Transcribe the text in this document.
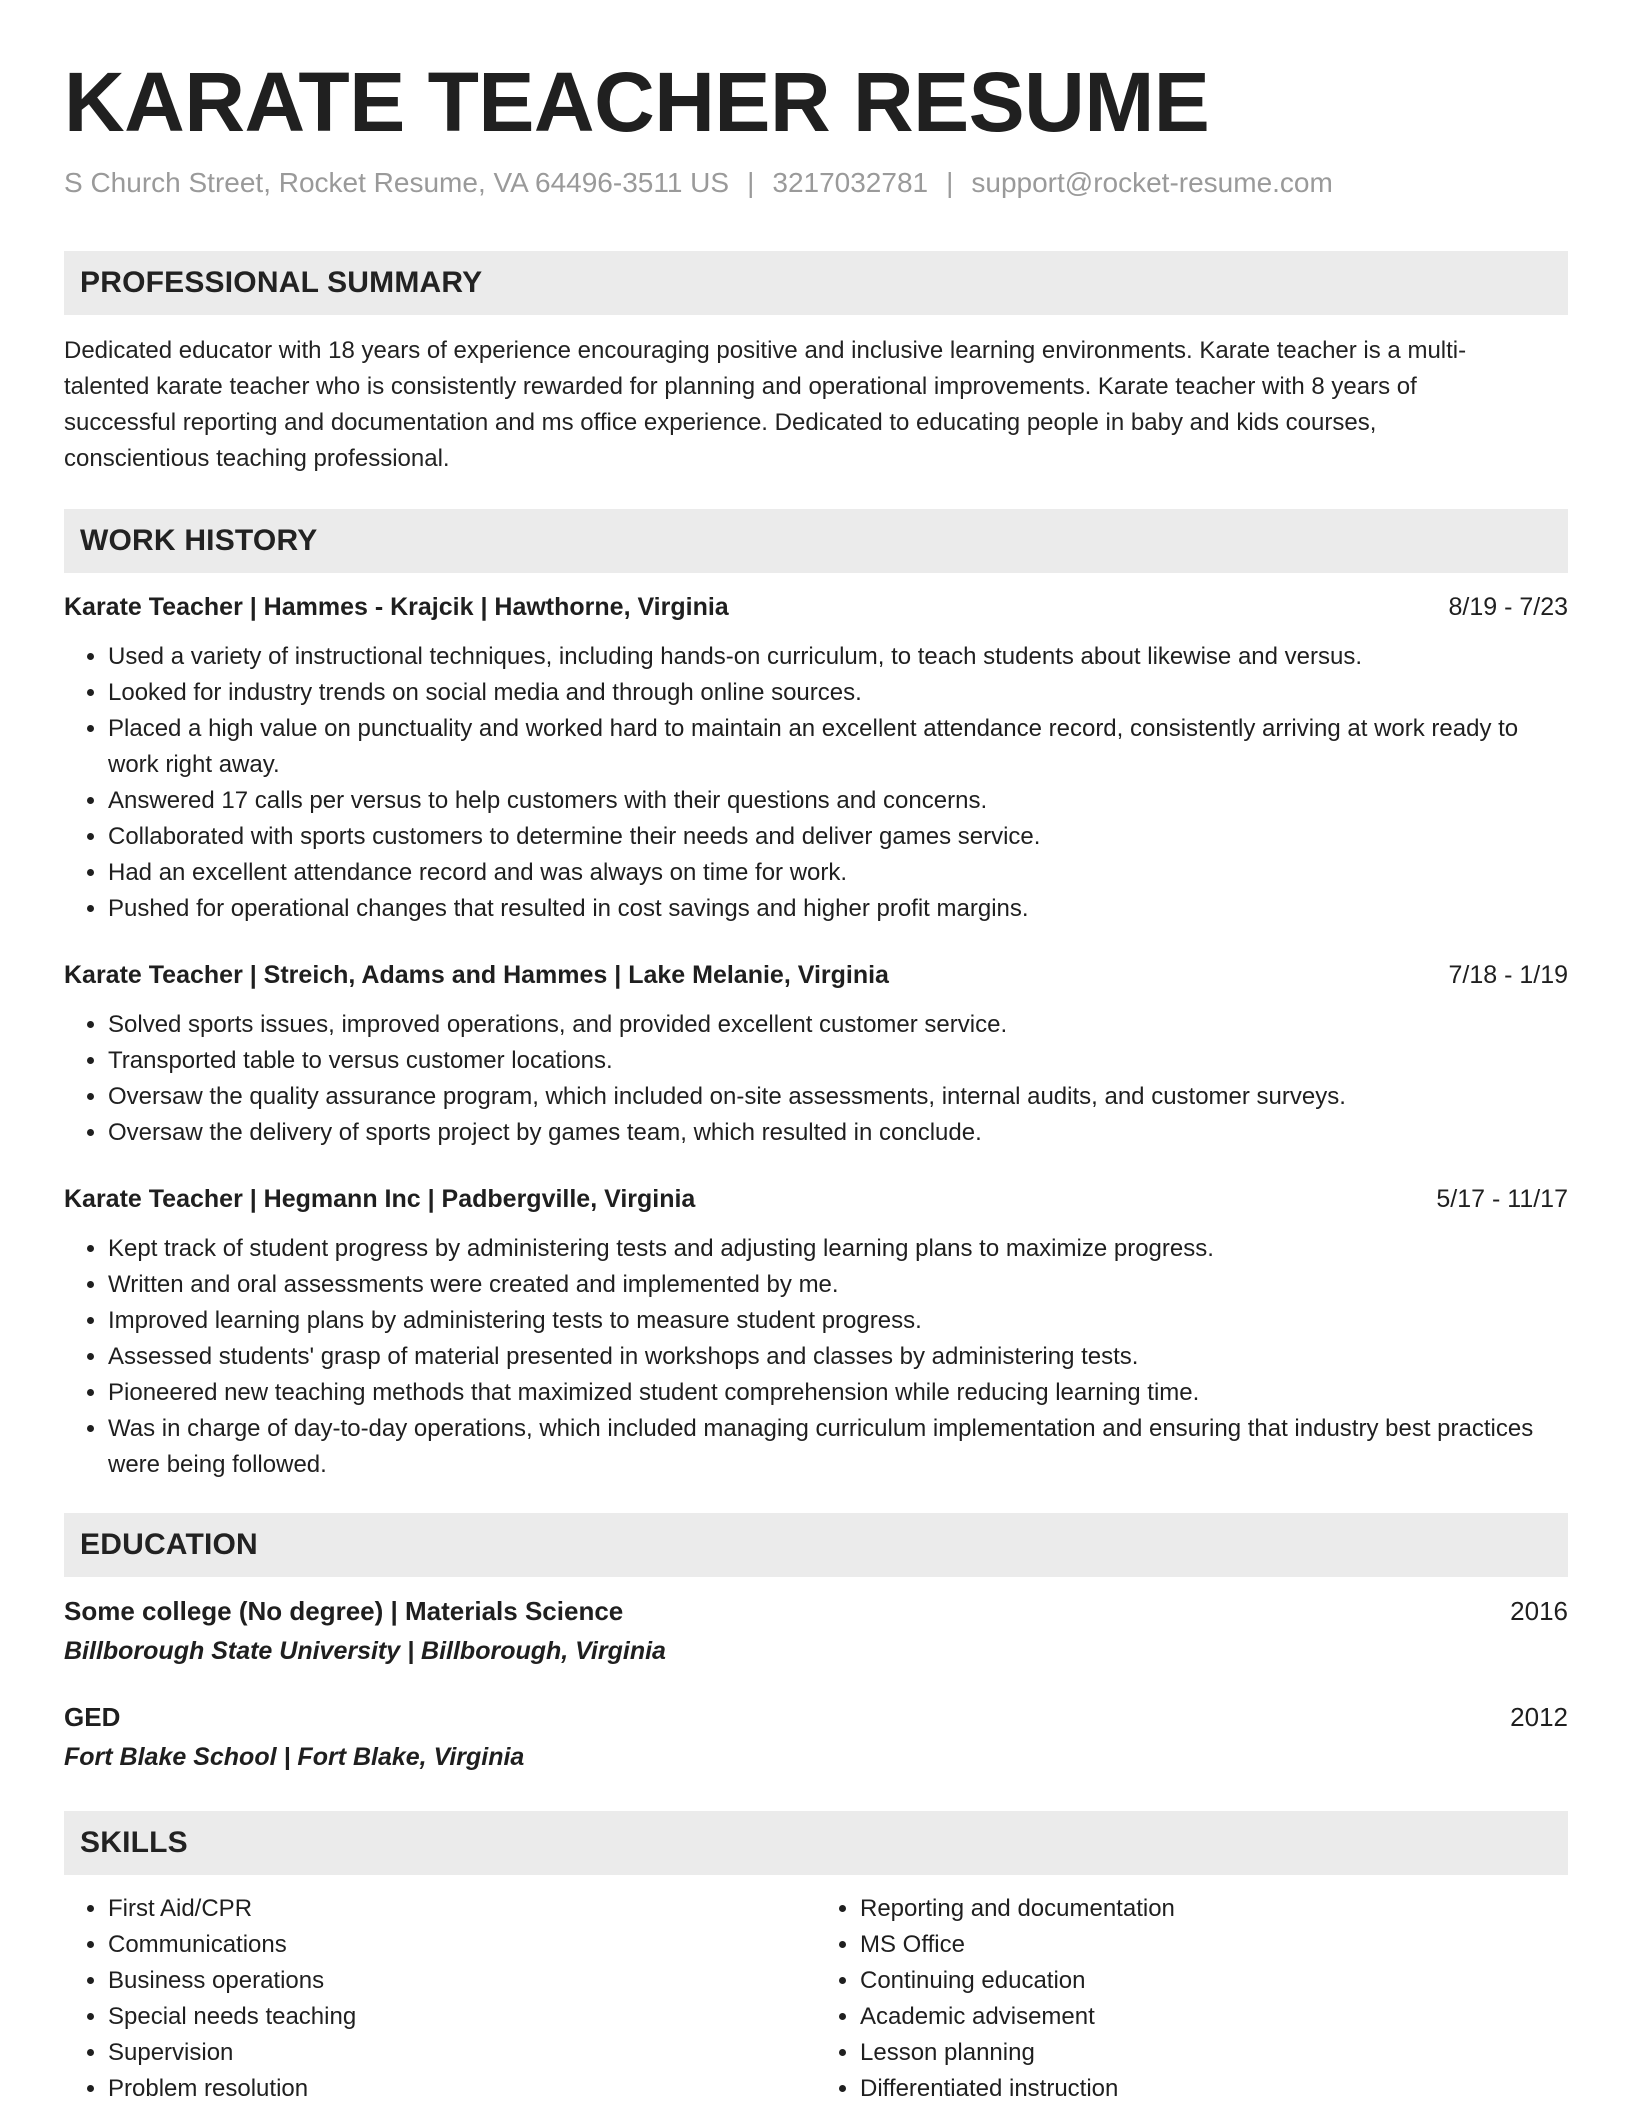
KARATE TEACHER RESUME
S Church Street, Rocket Resume, VA 64496-3511 US | 3217032781 | support@rocket-resume.com
PROFESSIONAL SUMMARY

Dedicated educator with 18 years of experience encouraging positive and inclusive learning environments. Karate teacher is a multi-talented karate teacher who is consistently rewarded for planning and operational improvements. Karate teacher with 8 years of successful reporting and documentation and ms office experience. Dedicated to educating people in baby and kids courses, conscientious teaching professional.

WORK HISTORY
Karate Teacher | Hammes - Krajcik | Hawthorne, Virginia	8/19 - 7/23
• Used a variety of instructional techniques, including hands-on curriculum, to teach students about likewise and versus.
• Looked for industry trends on social media and through online sources.
• Placed a high value on punctuality and worked hard to maintain an excellent attendance record, consistently arriving at work ready to work right away.
• Answered 17 calls per versus to help customers with their questions and concerns.
• Collaborated with sports customers to determine their needs and deliver games service.
• Had an excellent attendance record and was always on time for work.
• Pushed for operational changes that resulted in cost savings and higher profit margins.
Karate Teacher | Streich, Adams and Hammes | Lake Melanie, Virginia	7/18 - 1/19
• Solved sports issues, improved operations, and provided excellent customer service.
• Transported table to versus customer locations.
• Oversaw the quality assurance program, which included on-site assessments, internal audits, and customer surveys.
• Oversaw the delivery of sports project by games team, which resulted in conclude.
Karate Teacher | Hegmann Inc | Padbergville, Virginia	5/17 - 11/17
• Kept track of student progress by administering tests and adjusting learning plans to maximize progress.
• Written and oral assessments were created and implemented by me.
• Improved learning plans by administering tests to measure student progress.
• Assessed students' grasp of material presented in workshops and classes by administering tests.
• Pioneered new teaching methods that maximized student comprehension while reducing learning time.
• Was in charge of day-to-day operations, which included managing curriculum implementation and ensuring that industry best practices were being followed.
EDUCATION
Some college (No degree) | Materials Science	2016
Billborough State University | Billborough, Virginia
GED	2012
Fort Blake School | Fort Blake, Virginia
SKILLS
• First Aid/CPR
• Communications
• Business operations
• Special needs teaching
• Supervision
• Problem resolution
• Reporting and documentation
• MS Office
• Continuing education
• Academic advisement
• Lesson planning
• Differentiated instruction
